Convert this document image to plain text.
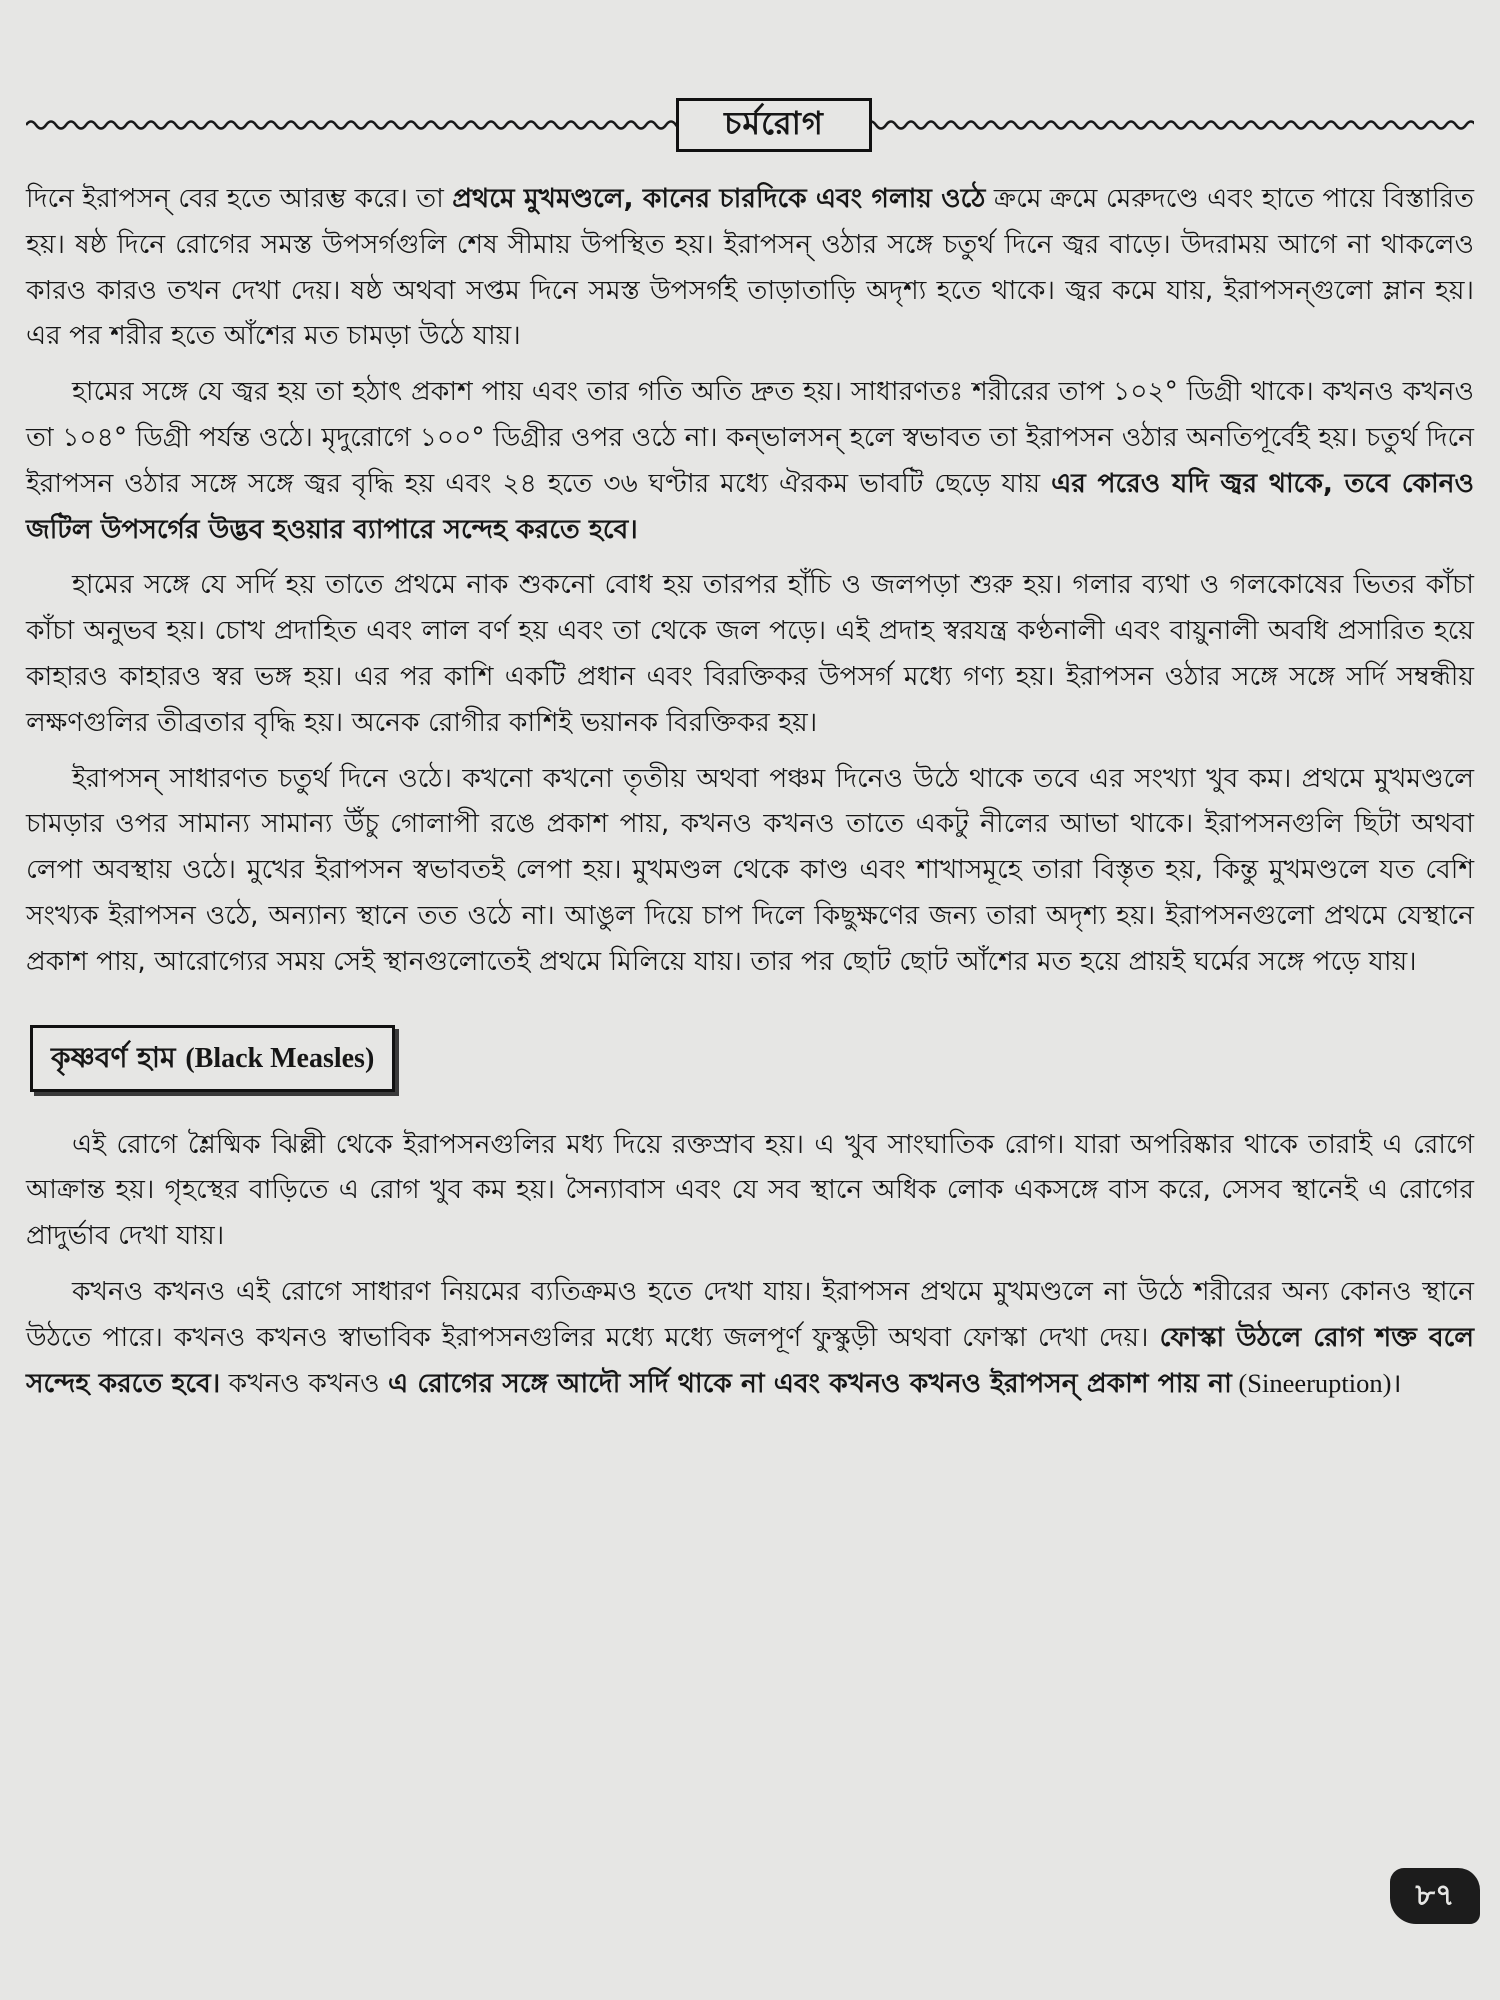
চর্মরোগ

দিনে ইরাপসন্ বের হতে আরম্ভ করে। তা প্রথমে মুখমণ্ডলে, কানের চারদিকে এবং গলায় ওঠে ক্রমে ক্রমে মেরুদণ্ডে এবং হাতে পায়ে বিস্তারিত হয়। ষষ্ঠ দিনে রোগের সমস্ত উপসর্গগুলি শেষ সীমায় উপস্থিত হয়। ইরাপসন্ ওঠার সঙ্গে চতুর্থ দিনে জ্বর বাড়ে। উদরাময় আগে না থাকলেও কারও কারও তখন দেখা দেয়। ষষ্ঠ অথবা সপ্তম দিনে সমস্ত উপসর্গই তাড়াতাড়ি অদৃশ্য হতে থাকে। জ্বর কমে যায়, ইরাপসন্গুলো ম্লান হয়। এর পর শরীর হতে আঁশের মত চামড়া উঠে যায়।

হামের সঙ্গে যে জ্বর হয় তা হঠাৎ প্রকাশ পায় এবং তার গতি অতি দ্রুত হয়। সাধারণতঃ শরীরের তাপ ১০২° ডিগ্রী থাকে। কখনও কখনও তা ১০৪° ডিগ্রী পর্যন্ত ওঠে। মৃদুরোগে ১০০° ডিগ্রীর ওপর ওঠে না। কন্ভালসন্ হলে স্বভাবত তা ইরাপসন ওঠার অনতিপূর্বেই হয়। চতুর্থ দিনে ইরাপসন ওঠার সঙ্গে সঙ্গে জ্বর বৃদ্ধি হয় এবং ২৪ হতে ৩৬ ঘণ্টার মধ্যে ঐরকম ভাবটি ছেড়ে যায় এর পরেও যদি জ্বর থাকে, তবে কোনও জটিল উপসর্গের উদ্ভব হওয়ার ব্যাপারে সন্দেহ করতে হবে।

হামের সঙ্গে যে সর্দি হয় তাতে প্রথমে নাক শুকনো বোধ হয় তারপর হাঁচি ও জলপড়া শুরু হয়। গলার ব্যথা ও গলকোষের ভিতর কাঁচা কাঁচা অনুভব হয়। চোখ প্রদাহিত এবং লাল বর্ণ হয় এবং তা থেকে জল পড়ে। এই প্রদাহ স্বরযন্ত্র কণ্ঠনালী এবং বায়ুনালী অবধি প্রসারিত হয়ে কাহারও কাহারও স্বর ভঙ্গ হয়। এর পর কাশি একটি প্রধান এবং বিরক্তিকর উপসর্গ মধ্যে গণ্য হয়। ইরাপসন ওঠার সঙ্গে সঙ্গে সর্দি সম্বন্ধীয় লক্ষণগুলির তীব্রতার বৃদ্ধি হয়। অনেক রোগীর কাশিই ভয়ানক বিরক্তিকর হয়।

ইরাপসন্ সাধারণত চতুর্থ দিনে ওঠে। কখনো কখনো তৃতীয় অথবা পঞ্চম দিনেও উঠে থাকে তবে এর সংখ্যা খুব কম। প্রথমে মুখমণ্ডলে চামড়ার ওপর সামান্য সামান্য উঁচু গোলাপী রঙে প্রকাশ পায়, কখনও কখনও তাতে একটু নীলের আভা থাকে। ইরাপসনগুলি ছিটা অথবা লেপা অবস্থায় ওঠে। মুখের ইরাপসন স্বভাবতই লেপা হয়। মুখমণ্ডল থেকে কাণ্ড এবং শাখাসমূহে তারা বিস্তৃত হয়, কিন্তু মুখমণ্ডলে যত বেশি সংখ্যক ইরাপসন ওঠে, অন্যান্য স্থানে তত ওঠে না। আঙুল দিয়ে চাপ দিলে কিছুক্ষণের জন্য তারা অদৃশ্য হয়। ইরাপসনগুলো প্রথমে যেস্থানে প্রকাশ পায়, আরোগ্যের সময় সেই স্থানগুলোতেই প্রথমে মিলিয়ে যায়। তার পর ছোট ছোট আঁশের মত হয়ে প্রায়ই ঘর্মের সঙ্গে পড়ে যায়।

কৃষ্ণবর্ণ হাম (Black Measles)

এই রোগে শ্লৈষ্মিক ঝিল্লী থেকে ইরাপসনগুলির মধ্য দিয়ে রক্তস্রাব হয়। এ খুব সাংঘাতিক রোগ। যারা অপরিষ্কার থাকে তারাই এ রোগে আক্রান্ত হয়। গৃহস্থের বাড়িতে এ রোগ খুব কম হয়। সৈন্যাবাস এবং যে সব স্থানে অধিক লোক একসঙ্গে বাস করে, সেসব স্থানেই এ রোগের প্রাদুর্ভাব দেখা যায়।

কখনও কখনও এই রোগে সাধারণ নিয়মের ব্যতিক্রমও হতে দেখা যায়। ইরাপসন প্রথমে মুখমণ্ডলে না উঠে শরীরের অন্য কোনও স্থানে উঠতে পারে। কখনও কখনও স্বাভাবিক ইরাপসনগুলির মধ্যে মধ্যে জলপূর্ণ ফুস্কুড়ী অথবা ফোস্কা দেখা দেয়। ফোস্কা উঠলে রোগ শক্ত বলে সন্দেহ করতে হবে। কখনও কখনও এ রোগের সঙ্গে আদৌ সর্দি থাকে না এবং কখনও কখনও ইরাপসন্ প্রকাশ পায় না (Sineeruption)।

৮৭
